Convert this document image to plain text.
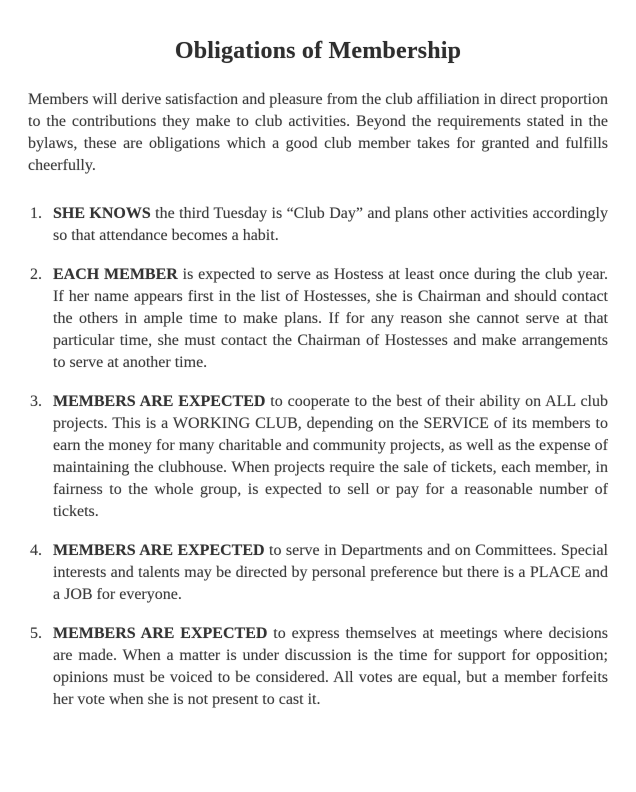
Obligations of Membership

Members will derive satisfaction and pleasure from the club affiliation in direct proportion to the contributions they make to club activities. Beyond the requirements stated in the bylaws, these are obligations which a good club member takes for granted and fulfills cheerfully.

1. SHE KNOWS the third Tuesday is “Club Day” and plans other activities accordingly so that attendance becomes a habit.
2. EACH MEMBER is expected to serve as Hostess at least once during the club year. If her name appears first in the list of Hostesses, she is Chairman and should contact the others in ample time to make plans. If for any reason she cannot serve at that particular time, she must contact the Chairman of Hostesses and make arrangements to serve at another time.
3. MEMBERS ARE EXPECTED to cooperate to the best of their ability on ALL club projects. This is a WORKING CLUB, depending on the SERVICE of its members to earn the money for many charitable and community projects, as well as the expense of maintaining the clubhouse. When projects require the sale of tickets, each member, in fairness to the whole group, is expected to sell or pay for a reasonable number of tickets.
4. MEMBERS ARE EXPECTED to serve in Departments and on Committees. Special interests and talents may be directed by personal preference but there is a PLACE and a JOB for everyone.
5. MEMBERS ARE EXPECTED to express themselves at meetings where decisions are made. When a matter is under discussion is the time for support for opposition; opinions must be voiced to be considered. All votes are equal, but a member forfeits her vote when she is not present to cast it.
